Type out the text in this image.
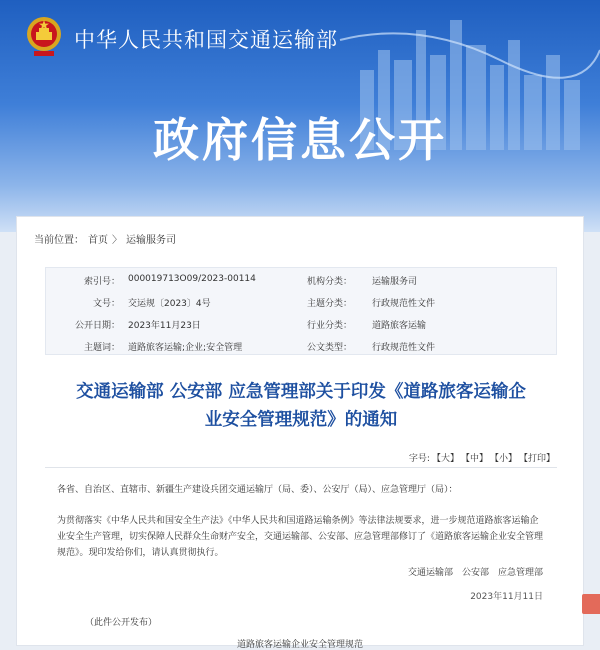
中华人民共和国交通运输部
政府信息公开
当前位置： 首页 〉 运输服务司
索引号： 000019713O09/2023-00114	机构分类： 运输服务司
文号： 交运规〔2023〕4号	主题分类： 行政规范性文件
公开日期： 2023年11月23日	行业分类： 道路旅客运输
主题词： 道路旅客运输;企业;安全管理	公文类型： 行政规范性文件
交通运输部 公安部 应急管理部关于印发《道路旅客运输企
业安全管理规范》的通知
字号: 【大】 【中】 【小】 【打印】
各省、自治区、直辖市、新疆生产建设兵团交通运输厅（局、委）、公安厅（局）、应急管理厅（局）：
为贯彻落实《中华人民共和国安全生产法》《中华人民共和国道路运输条例》等法律法规要求，进一步规范道路旅客运输企业安全生产管理，切实保障人民群众生命财产安全，交通运输部、公安部、应急管理部修订了《道路旅客运输企业安全管理规范》。现印发给你们，请认真贯彻执行。
交通运输部　公安部　应急管理部
2023年11月11日
（此件公开发布）
道路旅客运输企业安全管理规范
